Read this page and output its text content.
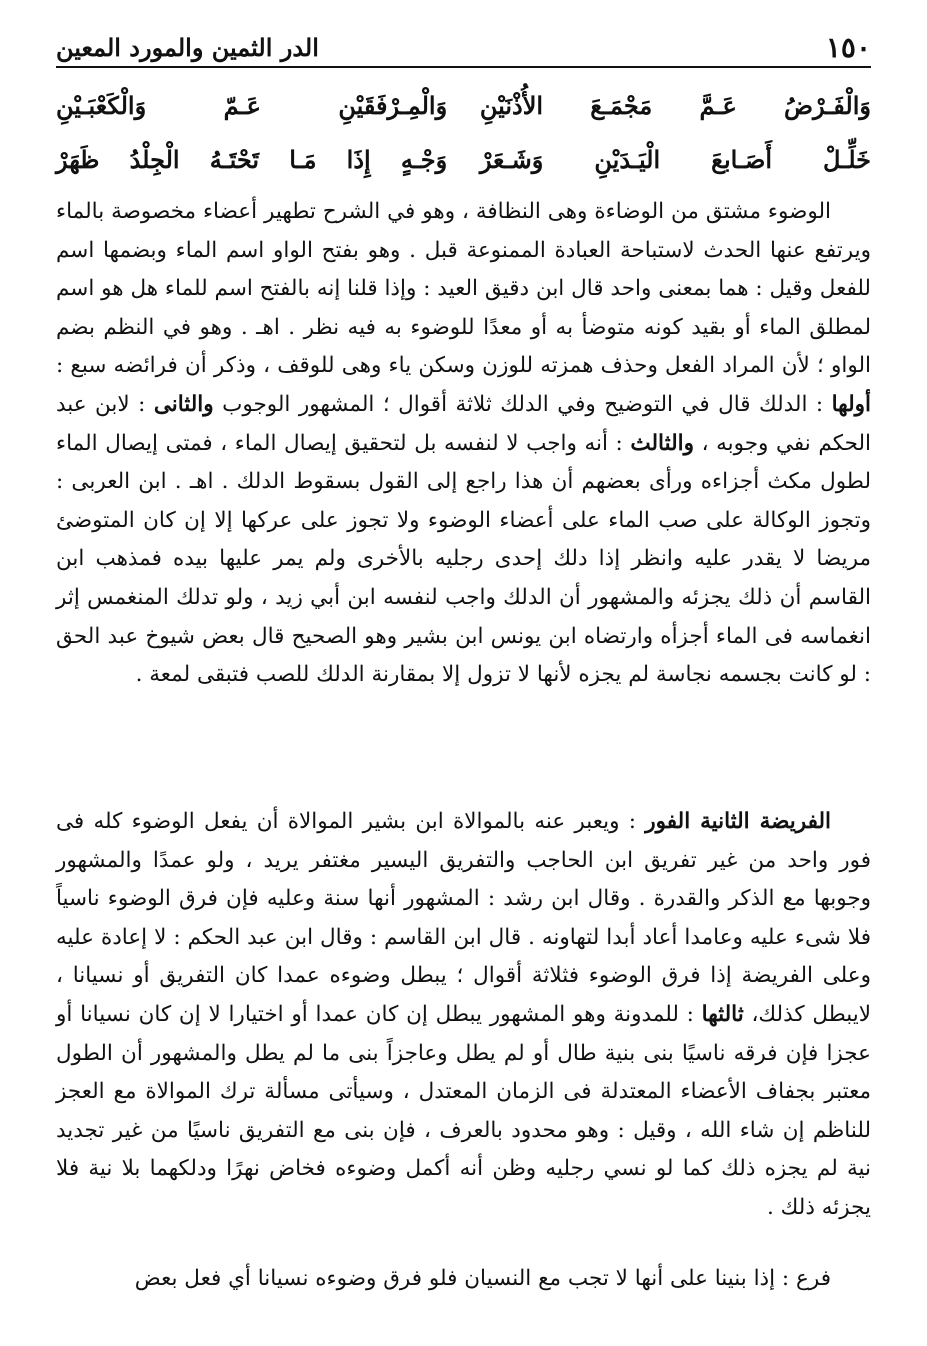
١٥٠
الدر الثمين والمورد المعين
وَالْفَـرْضُ عَـمَّ مَجْمَـعَ الأُذْنَيْنِ
وَالْمِـرْفَقَيْنِ عَـمّ وَالْكَعْبَـيْنِ
خَلِّـلْ أَصَـابعَ الْيَـدَيْنِ وَشَـعَرْ
وَجْـهٍ إِذَا مَـا تَحْتَـهُ الْجِلْدُ ظَهَرْ

الوضوء مشتق من الوضاءة وهى النظافة ، وهو في الشرح تطهير أعضاء مخصوصة بالماء ويرتفع عنها الحدث لاستباحة العبادة الممنوعة قبل . وهو بفتح الواو اسم الماء وبضمها اسم للفعل وقيل : هما بمعنى واحد قال ابن دقيق العيد : وإذا قلنا إنه بالفتح اسم للماء هل هو اسم لمطلق الماء أو بقيد كونه متوضأ به أو معدًا للوضوء به فيه نظر . اهـ . وهو في النظم بضم الواو ؛ لأن المراد الفعل وحذف همزته للوزن وسكن ياء وهى للوقف ، وذكر أن فرائضه سبع : أولها : الدلك قال في التوضيح وفي الدلك ثلاثة أقوال ؛ المشهور الوجوب والثانى : لابن عبد الحكم نفي وجوبه ، والثالث : أنه واجب لا لنفسه بل لتحقيق إيصال الماء ، فمتى إيصال الماء لطول مكث أجزاءه ورأى بعضهم أن هذا راجع إلى القول بسقوط الدلك . اهـ . ابن العربى : وتجوز الوكالة على صب الماء على أعضاء الوضوء ولا تجوز على عركها إلا إن كان المتوضئ مريضا لا يقدر عليه وانظر إذا دلك إحدى رجليه بالأخرى ولم يمر عليها بيده فمذهب ابن القاسم أن ذلك يجزئه والمشهور أن الدلك واجب لنفسه ابن أبي زيد ، ولو تدلك المنغمس إثر انغماسه فى الماء أجزأه وارتضاه ابن يونس ابن بشير وهو الصحيح قال بعض شيوخ عبد الحق : لو كانت بجسمه نجاسة لم يجزه لأنها لا تزول إلا بمقارنة الدلك للصب فتبقى لمعة .

الفريضة الثانية الفور : ويعبر عنه بالموالاة ابن بشير الموالاة أن يفعل الوضوء كله فى فور واحد من غير تفريق ابن الحاجب والتفريق اليسير مغتفر يريد ، ولو عمدًا والمشهور وجوبها مع الذكر والقدرة . وقال ابن رشد : المشهور أنها سنة وعليه فإن فرق الوضوء ناسياً فلا شىء عليه وعامدا أعاد أبدا لتهاونه . قال ابن القاسم : وقال ابن عبد الحكم : لا إعادة عليه وعلى الفريضة إذا فرق الوضوء فثلاثة أقوال ؛ يبطل وضوءه عمدا كان التفريق أو نسيانا ، لايبطل كذلك، ثالثها : للمدونة وهو المشهور يبطل إن كان عمدا أو اختيارا لا إن كان نسيانا أو عجزا فإن فرقه ناسيًا بنى بنية طال أو لم يطل وعاجزاً بنى ما لم يطل والمشهور أن الطول معتبر بجفاف الأعضاء المعتدلة فى الزمان المعتدل ، وسيأتى مسألة ترك الموالاة مع العجز للناظم إن شاء الله ، وقيل : وهو محدود بالعرف ، فإن بنى مع التفريق ناسيًا من غير تجديد نية لم يجزه ذلك كما لو نسي رجليه وظن أنه أكمل وضوءه فخاض نهرًا ودلكهما بلا نية فلا يجزئه ذلك .

فرع : إذا بنينا على أنها لا تجب مع النسيان فلو فرق وضوءه نسيانا أي فعل بعض
